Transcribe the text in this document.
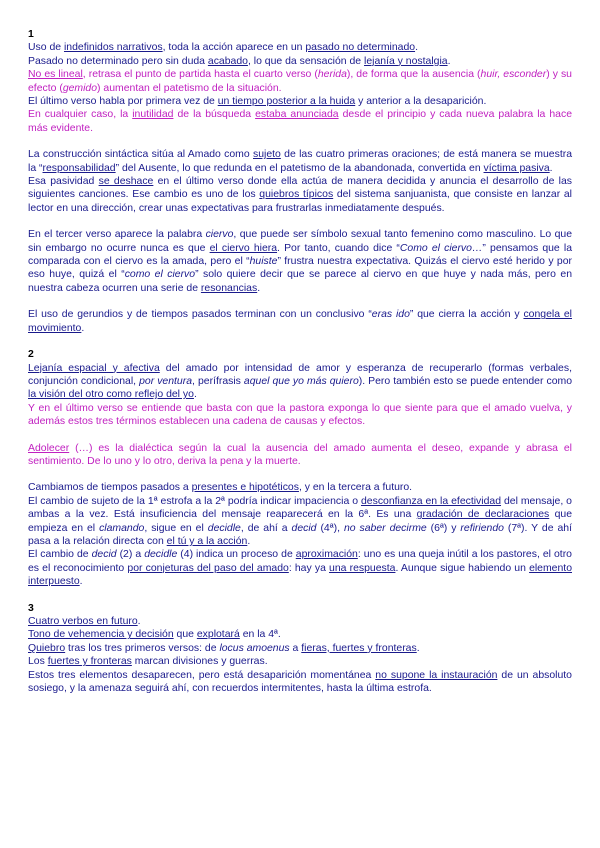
1

Uso de indefinidos narrativos, toda la acción aparece en un pasado no determinado.

Pasado no determinado pero sin duda acabado, lo que da sensación de lejanía y nostalgia.

No es lineal, retrasa el punto de partida hasta el cuarto verso (herida), de forma que la ausencia (huir, esconder) y su efecto (gemido) aumentan el patetismo de la situación.

El último verso habla por primera vez de un tiempo posterior a la huida y anterior a la desaparición.

En cualquier caso, la inutilidad de la búsqueda estaba anunciada desde el principio y cada nueva palabra la hace más evidente.

La construcción sintáctica sitúa al Amado como sujeto de las cuatro primeras oraciones; de está manera se muestra la “responsabilidad” del Ausente, lo que redunda en el patetismo de la abandonada, convertida en víctima pasiva.

Esa pasividad se deshace en el último verso donde ella actúa de manera decidida y anuncia el desarrollo de las siguientes canciones. Ese cambio es uno de los quiebros típicos del sistema sanjuanista, que consiste en lanzar al lector en una dirección, crear unas expectativas para frustrarlas inmediatamente después.

En el tercer verso aparece la palabra ciervo, que puede ser símbolo sexual tanto femenino como masculino. Lo que sin embargo no ocurre nunca es que el ciervo hiera. Por tanto, cuando dice “Como el ciervo…” pensamos que la comparada con el ciervo es la amada, pero el “huiste” frustra nuestra expectativa. Quizás el ciervo esté herido y por eso huye, quizá el “como el ciervo” solo quiere decir que se parece al ciervo en que huye y nada más, pero en nuestra cabeza ocurren una serie de resonancias.

El uso de gerundios y de tiempos pasados terminan con un conclusivo “eras ido” que cierra la acción y congela el movimiento.

2

Lejanía espacial y afectiva del amado por intensidad de amor y esperanza de recuperarlo (formas verbales, conjunción condicional, por ventura, perífrasis aquel que yo más quiero). Pero también esto se puede entender como la visión del otro como reflejo del yo.

Y en el último verso se entiende que basta con que la pastora exponga lo que siente para que el amado vuelva, y además estos tres términos establecen una cadena de causas y efectos.

Adolecer (…) es la dialéctica según la cual la ausencia del amado aumenta el deseo, expande y abrasa el sentimiento. De lo uno y lo otro, deriva la pena y la muerte.

Cambiamos de tiempos pasados a presentes e hipotéticos, y en la tercera a futuro.

El cambio de sujeto de la 1ª estrofa a la 2ª podría indicar impaciencia o desconfianza en la efectividad del mensaje, o ambas a la vez. Está insuficiencia del mensaje reaparecerá en la 6ª. Es una gradación de declaraciones que empieza en el clamando, sigue en el decidle, de ahí a decid (4ª), no saber decirme (6ª) y refiriendo (7ª). Y de ahí pasa a la relación directa con el tú y a la acción.

El cambio de decid (2) a decidle (4) indica un proceso de aproximación: uno es una queja inútil a los pastores, el otro es el reconocimiento por conjeturas del paso del amado: hay ya una respuesta. Aunque sigue habiendo un elemento interpuesto.

3

Cuatro verbos en futuro.

Tono de vehemencia y decisión que explotará en la 4ª.

Quiebro tras los tres primeros versos: de locus amoenus a fieras, fuertes y fronteras.

Los fuertes y fronteras marcan divisiones y guerras.

Estos tres elementos desaparecen, pero está desaparición momentánea no supone la instauración de un absoluto sosiego, y la amenaza seguirá ahí, con recuerdos intermitentes, hasta la última estrofa.
